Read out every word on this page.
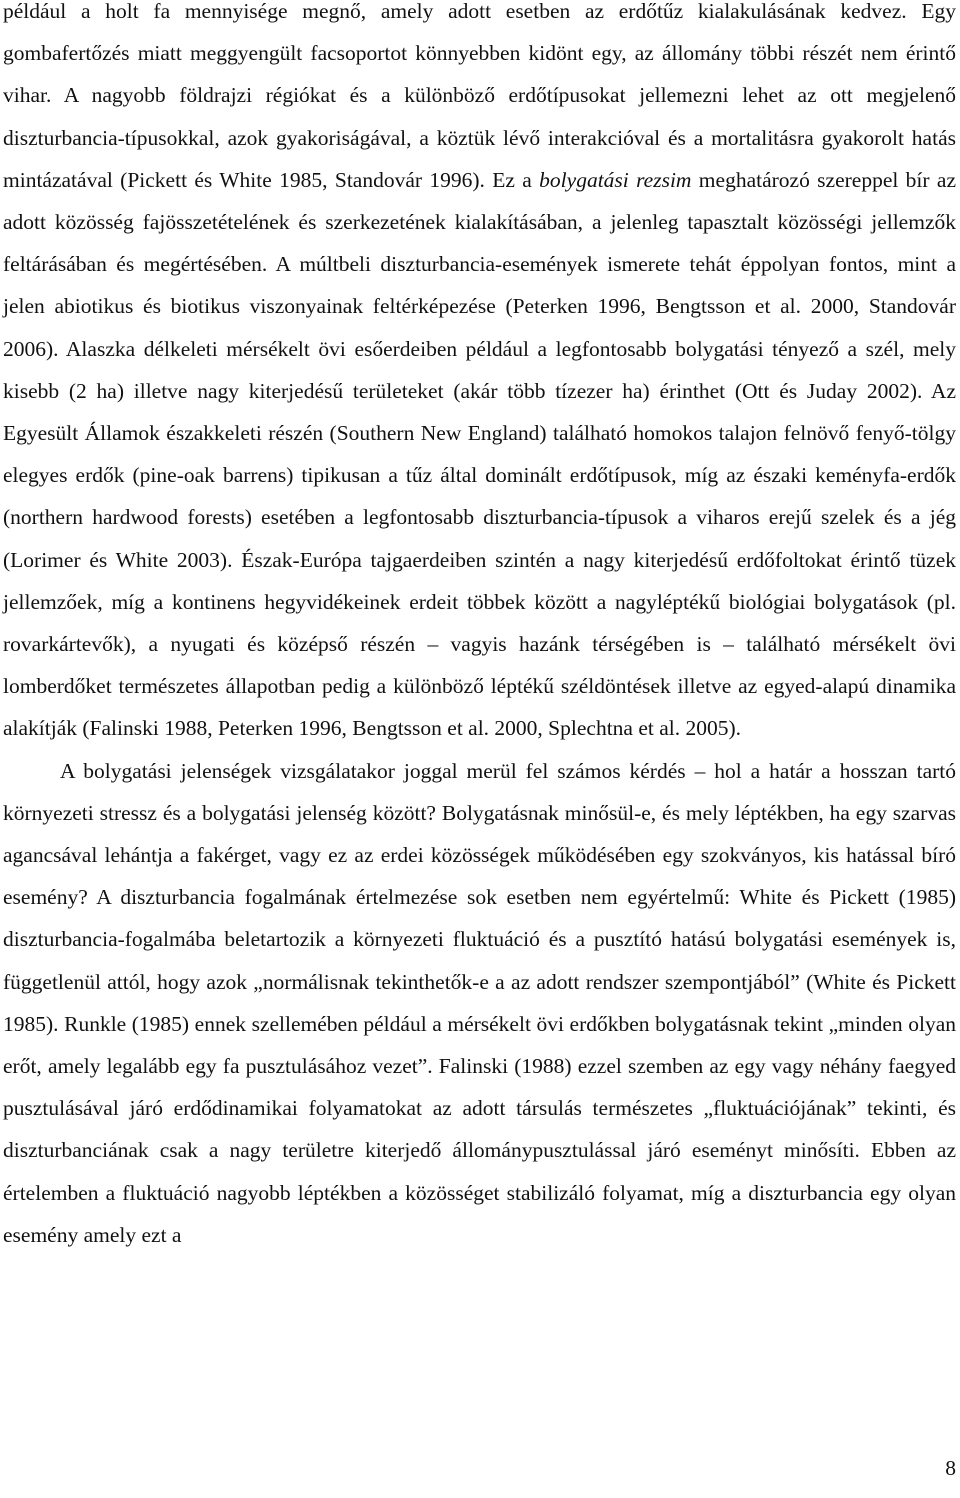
például a holt fa mennyisége megnő, amely adott esetben az erdőtűz kialakulásának kedvez. Egy gombafertőzés miatt meggyengült facsoportot könnyebben kidönt egy, az állomány többi részét nem érintő vihar. A nagyobb földrajzi régiókat és a különböző erdőtípusokat jellemezni lehet az ott megjelenő diszturbancia-típusokkal, azok gyakoriságával, a köztük lévő interakcióval és a mortalitásra gyakorolt hatás mintázatával (Pickett és White 1985, Standovár 1996). Ez a bolygatási rezsim meghatározó szereppel bír az adott közösség fajösszetételének és szerkezetének kialakításában, a jelenleg tapasztalt közösségi jellemzők feltárásában és megértésében. A múltbeli diszturbancia-események ismerete tehát éppolyan fontos, mint a jelen abiotikus és biotikus viszonyainak feltérképezése (Peterken 1996, Bengtsson et al. 2000, Standovár 2006). Alaszka délkeleti mérsékelt övi esőerdeiben például a legfontosabb bolygatási tényező a szél, mely kisebb (2 ha) illetve nagy kiterjedésű területeket (akár több tízezer ha) érinthet (Ott és Juday 2002). Az Egyesült Államok északkeleti részén (Southern New England) található homokos talajon felnövő fenyő-tölgy elegyes erdők (pine-oak barrens) tipikusan a tűz által dominált erdőtípusok, míg az északi keményfa-erdők (northern hardwood forests) esetében a legfontosabb diszturbancia-típusok a viharos erejű szelek és a jég (Lorimer és White 2003). Észak-Európa tajgaerdeiben szintén a nagy kiterjedésű erdőfoltokat érintő tüzek jellemzőek, míg a kontinens hegyvidékeinek erdeit többek között a nagyléptékű biológiai bolygatások (pl. rovarkártevők), a nyugati és középső részén – vagyis hazánk térségében is – található mérsékelt övi lomberdőket természetes állapotban pedig a különböző léptékű széldöntések illetve az egyed-alapú dinamika alakítják (Falinski 1988, Peterken 1996, Bengtsson et al. 2000, Splechtna et al. 2005).

A bolygatási jelenségek vizsgálatakor joggal merül fel számos kérdés – hol a határ a hosszan tartó környezeti stressz és a bolygatási jelenség között? Bolygatásnak minősül-e, és mely léptékben, ha egy szarvas agancsával lehántja a fakérget, vagy ez az erdei közösségek működésében egy szokványos, kis hatással bíró esemény? A diszturbancia fogalmának értelmezése sok esetben nem egyértelmű: White és Pickett (1985) diszturbancia-fogalmába beletartozik a környezeti fluktuáció és a pusztító hatású bolygatási események is, függetlenül attól, hogy azok „normálisnak tekinthetők-e a az adott rendszer szempontjából” (White és Pickett 1985). Runkle (1985) ennek szellemében például a mérsékelt övi erdőkben bolygatásnak tekint „minden olyan erőt, amely legalább egy fa pusztulásához vezet”. Falinski (1988) ezzel szemben az egy vagy néhány faegyed pusztulásával járó erdődinamikai folyamatokat az adott társulás természetes „fluktuációjának” tekinti, és diszturbanciának csak a nagy területre kiterjedő állománypusztulással járó eseményt minősíti. Ebben az értelemben a fluktuáció nagyobb léptékben a közösséget stabilizáló folyamat, míg a diszturbancia egy olyan esemény amely ezt a

8
